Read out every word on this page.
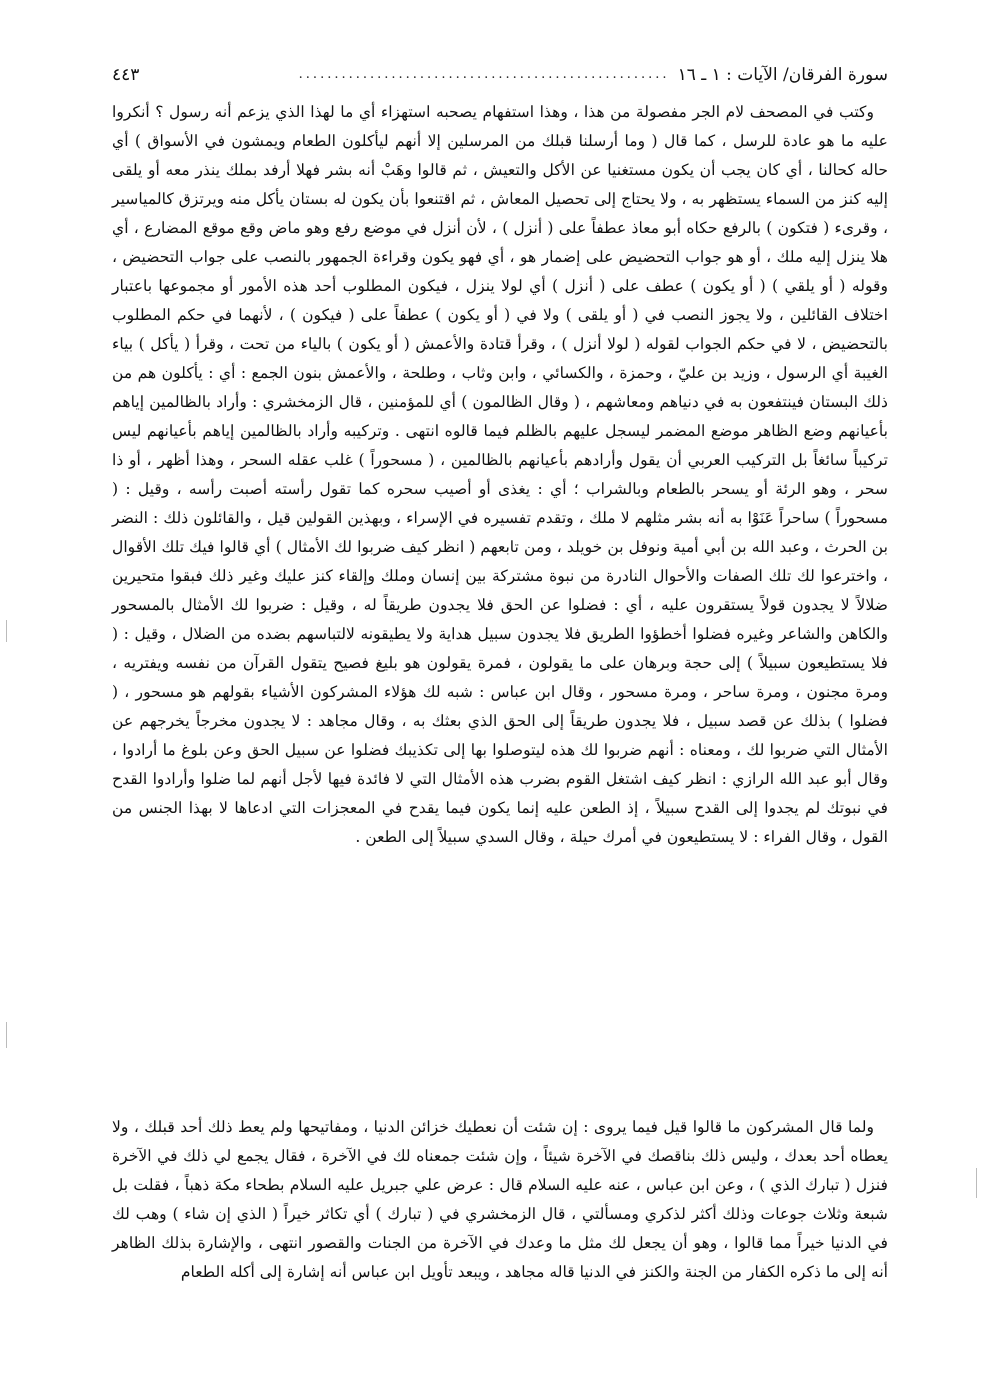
سورة الفرقان/ الآيات : ١ ـ ١٦
....................................................
٤٤٣

وكتب في المصحف لام الجر مفصولة من هذا ، وهذا استفهام يصحبه استهزاء أي ما لهذا الذي يزعم أنه رسول ؟ أنكروا عليه ما هو عادة للرسل ، كما قال ( وما أرسلنا قبلك من المرسلين إلا أنهم ليأكلون الطعام ويمشون في الأسواق ) أي حاله كحالنا ، أي كان يجب أن يكون مستغنيا عن الأكل والتعيش ، ثم قالوا وهَبْ أنه بشر فهلا أرفد بملك ينذر معه أو يلقى إليه كنز من السماء يستظهر به ، ولا يحتاج إلى تحصيل المعاش ، ثم اقتنعوا بأن يكون له بستان يأكل منه ويرتزق كالمياسير ، وقرىء ( فتكون ) بالرفع حكاه أبو معاذ عطفاً على ( أنزل ) ، لأن أنزل في موضع رفع وهو ماض وقع موقع المضارع ، أي هلا ينزل إليه ملك ، أو هو جواب التحضيض على إضمار هو ، أي فهو يكون وقراءة الجمهور بالنصب على جواب التحضيض ، وقوله ( أو يلقي ) ( أو يكون ) عطف على ( أنزل ) أي لولا ينزل ، فيكون المطلوب أحد هذه الأمور أو مجموعها باعتبار اختلاف القائلين ، ولا يجوز النصب في ( أو يلقى ) ولا في ( أو يكون ) عطفاً على ( فيكون ) ، لأنهما في حكم المطلوب بالتحضيض ، لا في حكم الجواب لقوله ( لولا أنزل ) ، وقرأ قتادة والأعمش ( أو يكون ) بالياء من تحت ، وقرأ ( يأكل ) بياء الغيبة أي الرسول ، وزيد بن عليّ ، وحمزة ، والكسائي ، وابن وثاب ، وطلحة ، والأعمش بنون الجمع : أي : يأكلون هم من ذلك البستان فينتفعون به في دنياهم ومعاشهم ، ( وقال الظالمون ) أي للمؤمنين ، قال الزمخشري : وأراد بالظالمين إياهم بأعيانهم وضع الظاهر موضع المضمر ليسجل عليهم بالظلم فيما قالوه انتهى . وتركيبه وأراد بالظالمين إياهم بأعيانهم ليس تركيباً سائغاً بل التركيب العربي أن يقول وأرادهم بأعيانهم بالظالمين ، ( مسحوراً ) غلب عقله السحر ، وهذا أظهر ، أو ذا سحر ، وهو الرئة أو يسحر بالطعام وبالشراب ؛ أي : يغذى أو أصيب سحره كما تقول رأسته أصبت رأسه ، وقيل : ( مسحوراً ) ساحراً عَنَوْا به أنه بشر مثلهم لا ملك ، وتقدم تفسيره في الإسراء ، وبهذين القولين قيل ، والقائلون ذلك : النضر بن الحرث ، وعبد الله بن أبي أمية ونوفل بن خويلد ، ومن تابعهم ( انظر كيف ضربوا لك الأمثال ) أي قالوا فيك تلك الأقوال ، واخترعوا لك تلك الصفات والأحوال النادرة من نبوة مشتركة بين إنسان وملك وإلقاء كنز عليك وغير ذلك فبقوا متحيرين ضلالاً لا يجدون قولاً يستقرون عليه ، أي : فضلوا عن الحق فلا يجدون طريقاً له ، وقيل : ضربوا لك الأمثال بالمسحور والكاهن والشاعر وغيره فضلوا أخطؤوا الطريق فلا يجدون سبيل هداية ولا يطيقونه لالتباسهم بضده من الضلال ، وقيل : ( فلا يستطيعون سبيلاً ) إلى حجة وبرهان على ما يقولون ، فمرة يقولون هو بليغ فصيح يتقول القرآن من نفسه ويفتريه ، ومرة مجنون ، ومرة ساحر ، ومرة مسحور ، وقال ابن عباس : شبه لك هؤلاء المشركون الأشياء بقولهم هو مسحور ، ( فضلوا ) بذلك عن قصد سبيل ، فلا يجدون طريقاً إلى الحق الذي بعثك به ، وقال مجاهد : لا يجدون مخرجاً يخرجهم عن الأمثال التي ضربوا لك ، ومعناه : أنهم ضربوا لك هذه ليتوصلوا بها إلى تكذيبك فضلوا عن سبيل الحق وعن بلوغ ما أرادوا ، وقال أبو عبد الله الرازي : انظر كيف اشتغل القوم بضرب هذه الأمثال التي لا فائدة فيها لأجل أنهم لما ضلوا وأرادوا القدح في نبوتك لم يجدوا إلى القدح سبيلاً ، إذ الطعن عليه إنما يكون فيما يقدح في المعجزات التي ادعاها لا بهذا الجنس من القول ، وقال الفراء : لا يستطيعون في أمرك حيلة ، وقال السدي سبيلاً إلى الطعن .

ولما قال المشركون ما قالوا قيل فيما يروى : إن شئت أن نعطيك خزائن الدنيا ، ومفاتيحها ولم يعط ذلك أحد قبلك ، ولا يعطاه أحد بعدك ، وليس ذلك بناقصك في الآخرة شيئاً ، وإن شئت جمعناه لك في الآخرة ، فقال يجمع لي ذلك في الآخرة فنزل ( تبارك الذي ) ، وعن ابن عباس ، عنه عليه السلام قال : عرض علي جبريل عليه السلام بطحاء مكة ذهباً ، فقلت بل شبعة وثلاث جوعات وذلك أكثر لذكري ومسألتي ، قال الزمخشري في ( تبارك ) أي تكاثر خيراً ( الذي إن شاء ) وهب لك في الدنيا خيراً مما قالوا ، وهو أن يجعل لك مثل ما وعدك في الآخرة من الجنات والقصور انتهى ، والإشارة بذلك الظاهر أنه إلى ما ذكره الكفار من الجنة والكنز في الدنيا قاله مجاهد ، ويبعد تأويل ابن عباس أنه إشارة إلى أكله الطعام
